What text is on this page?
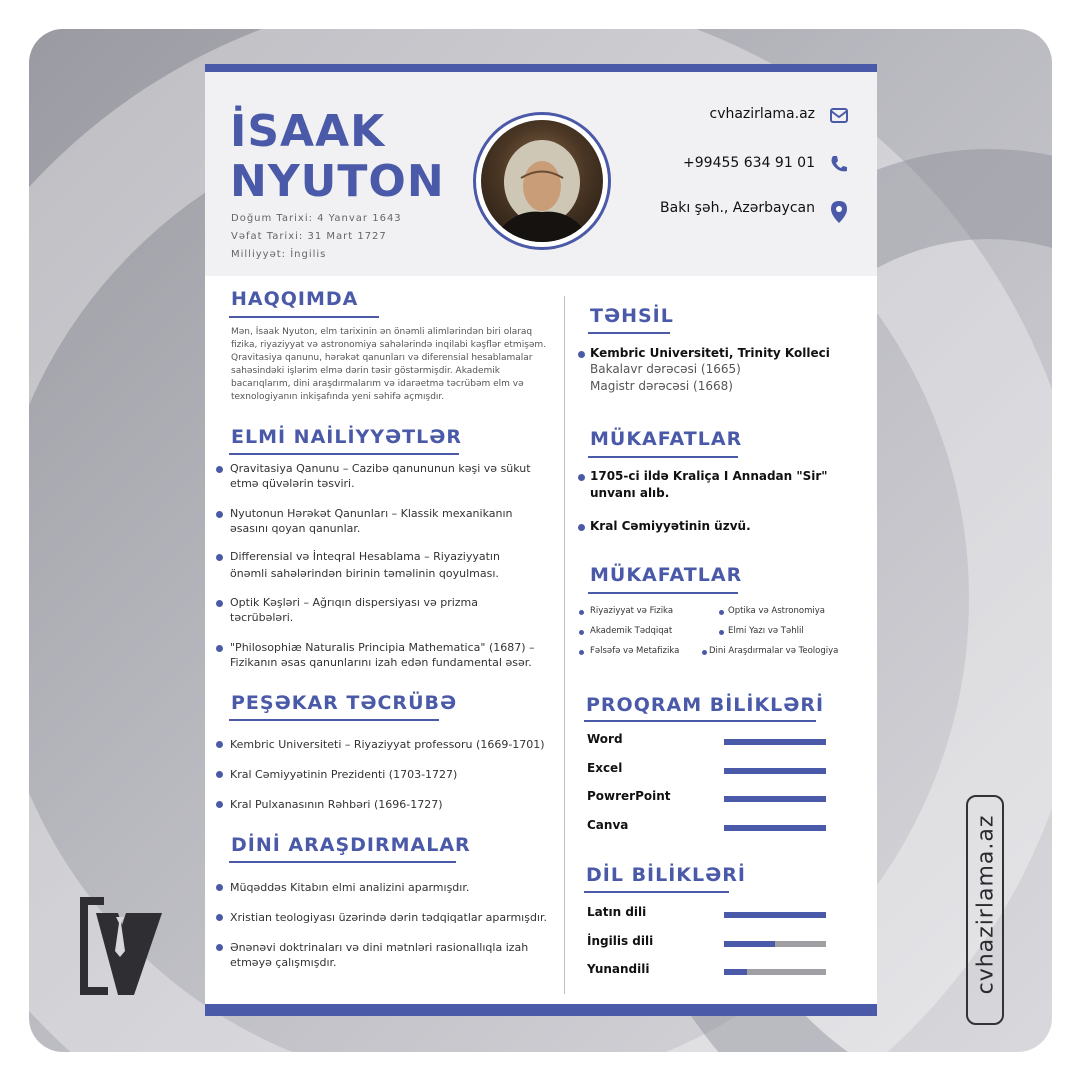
İSAAK
NYUTON
Doğum Tarixi: 4 Yanvar 1643
Vəfat Tarixi: 31 Mart 1727
Milliyyət: İngilis
cvhazirlama.az
+99455 634 91 01
Bakı şəh., Azərbaycan
HAQQIMDA
Mən, İsaak Nyuton, elm tarixinin ən önəmli alimlərindən biri olaraq
fizika, riyaziyyat və astronomiya sahələrində inqilabi kəşflər etmişəm.
Qravitasiya qanunu, hərəkət qanunları və diferensial hesablamalar
sahəsindəki işlərim elmə dərin təsir göstərmişdir. Akademik
bacarıqlarım, dini araşdırmalarım və idarəetmə təcrübəm elm və
texnologiyanın inkişafında yeni səhifə açmışdır.
ELMİ NAİLİYYƏTLƏR
Qravitasiya Qanunu – Cazibə qanununun kəşi və sükut
etmə qüvələrin təsviri.
Nyutonun Hərəkət Qanunları – Klassik mexanikanın
əsasını qoyan qanunlar.
Differensial və İnteqral Hesablama – Riyaziyyatın
önəmli sahələrindən birinin təməlinin qoyulması.
Optik Kəşləri – Ağrıqın dispersiyası və prizma
təcrübələri.
"Philosophiæ Naturalis Principia Mathematica" (1687) –
Fizikanın əsas qanunlarını izah edən fundamental əsər.
PEŞƏKAR TƏCRÜBƏ
Kembric Universiteti – Riyaziyyat professoru (1669-1701)
Kral Cəmiyyətinin Prezidenti (1703-1727)
Kral Pulxanasının Rəhbəri (1696-1727)
DİNİ ARAŞDIRMALAR
Müqəddəs Kitabın elmi analizini aparmışdır.
Xristian teologiyası üzərində dərin tədqiqatlar aparmışdır.
Ənənəvi doktrinaları və dini mətnləri rasionallıqla izah
etməyə çalışmışdır.
TƏHSİL
Kembric Universiteti, Trinity Kolleci
Bakalavr dərəcəsi (1665)
Magistr dərəcəsi (1668)
MÜKAFATLAR
1705-ci ildə Kraliça I Annadan "Sir"
unvanı alıb.
Kral Cəmiyyətinin üzvü.
MÜKAFATLAR
Riyaziyyat və Fizika
Akademik Tədqiqat
Fəlsəfə və Metafizika
Optika və Astronomiya
Elmi Yazı və Təhlil
Dini Araşdırmalar və Teologiya
PROQRAM BİLİKLƏRİ
DİL BİLİKLƏRİ
Word
Excel
PowrerPoint
Canva
Latın dili
İngilis dili
Yunandili	cvhazirlama.az
